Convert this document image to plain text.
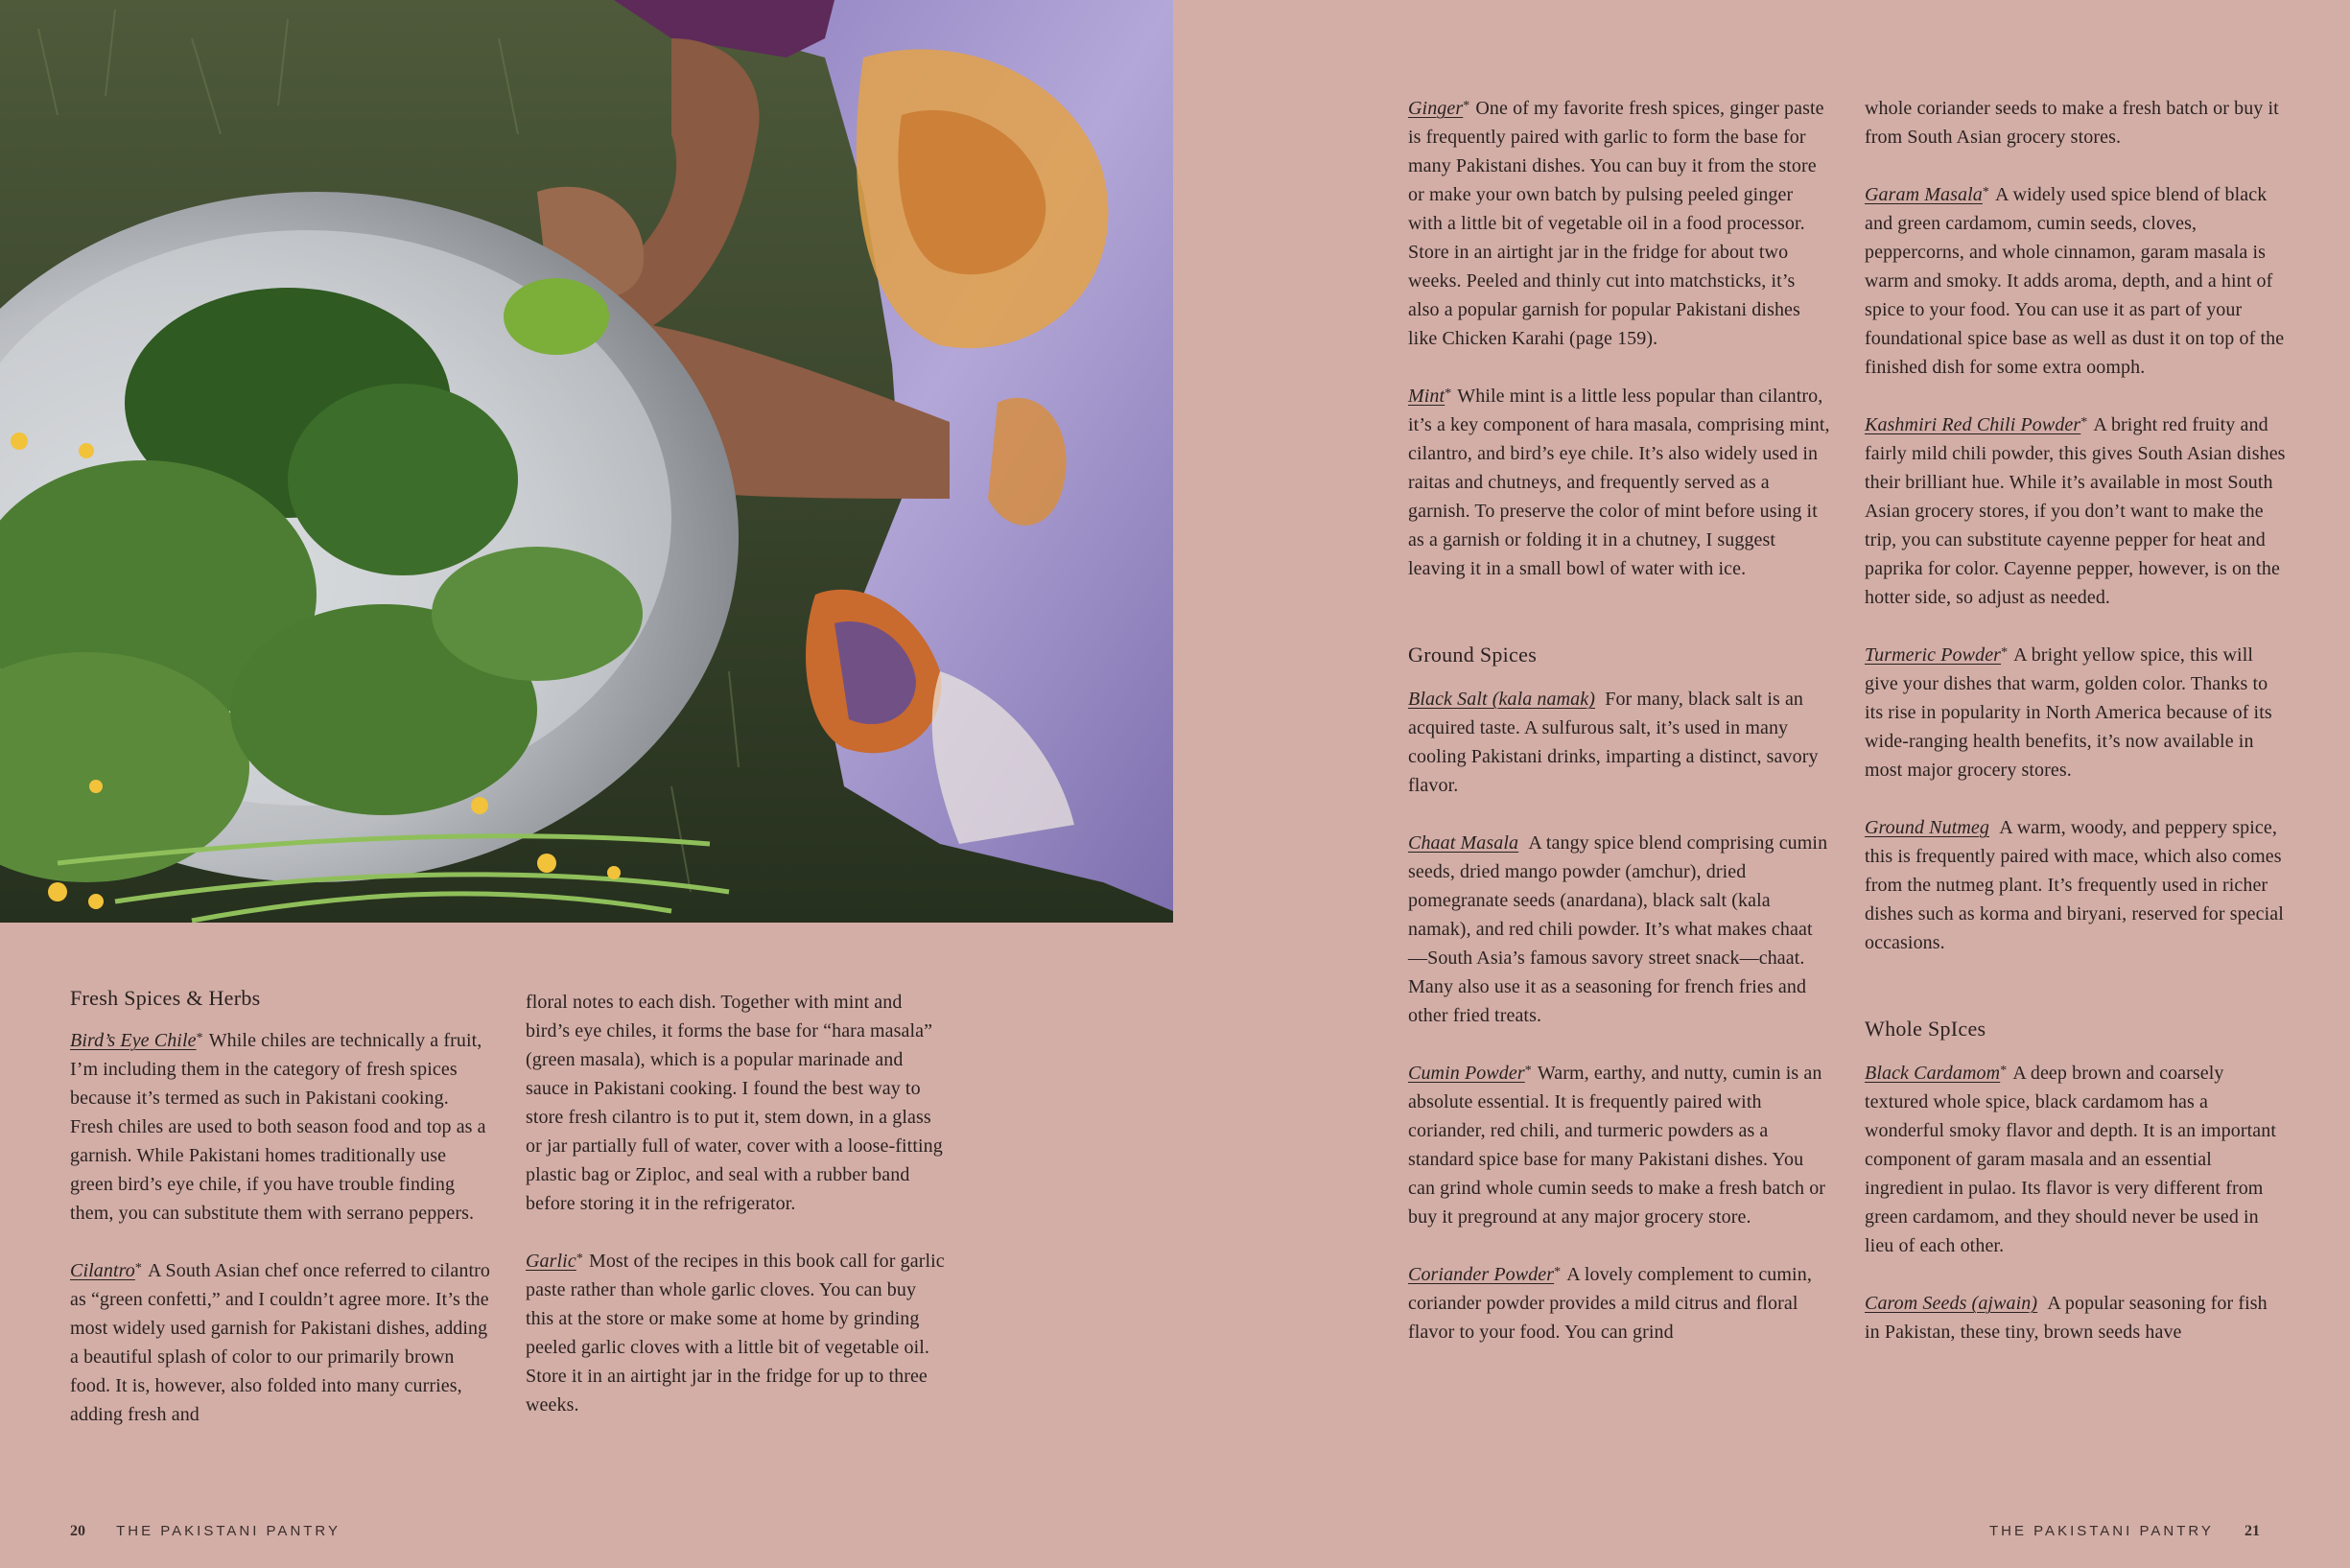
Fresh Spices & Herbs

Bird’s Eye Chile* While chiles are technically a fruit, I’m including them in the category of fresh spices because it’s termed as such in Pakistani cooking. Fresh chiles are used to both season food and top as a garnish. While Pakistani homes traditionally use green bird’s eye chile, if you have trouble finding them, you can substitute them with serrano peppers.

Cilantro* A South Asian chef once referred to cilantro as “green confetti,” and I couldn’t agree more. It’s the most widely used garnish for Pakistani dishes, adding a beautiful splash of color to our primarily brown food. It is, however, also folded into many curries, adding fresh and

floral notes to each dish. Together with mint and bird’s eye chiles, it forms the base for “hara masala” (green masala), which is a popular marinade and sauce in Pakistani cooking. I found the best way to store fresh cilantro is to put it, stem down, in a glass or jar partially full of water, cover with a loose-fitting plastic bag or Ziploc, and seal with a rubber band before storing it in the refrigerator.

Garlic* Most of the recipes in this book call for garlic paste rather than whole garlic cloves. You can buy this at the store or make some at home by grinding peeled garlic cloves with a little bit of vegetable oil. Store it in an airtight jar in the fridge for up to three weeks.

Ginger* One of my favorite fresh spices, ginger paste is frequently paired with garlic to form the base for many Pakistani dishes. You can buy it from the store or make your own batch by pulsing peeled ginger with a little bit of vegetable oil in a food processor. Store in an airtight jar in the fridge for about two weeks. Peeled and thinly cut into matchsticks, it’s also a popular garnish for popular Pakistani dishes like Chicken Karahi (page 159).

Mint* While mint is a little less popular than cilantro, it’s a key component of hara masala, comprising mint, cilantro, and bird’s eye chile. It’s also widely used in raitas and chutneys, and frequently served as a garnish. To preserve the color of mint before using it as a garnish or folding it in a chutney, I suggest leaving it in a small bowl of water with ice.

Ground Spices

Black Salt (kala namak) For many, black salt is an acquired taste. A sulfurous salt, it’s used in many cooling Pakistani drinks, imparting a distinct, savory flavor.

Chaat Masala A tangy spice blend comprising cumin seeds, dried mango powder (amchur), dried pomegranate seeds (anardana), black salt (kala namak), and red chili powder. It’s what makes chaat—South Asia’s famous savory street snack—chaat. Many also use it as a seasoning for french fries and other fried treats.

Cumin Powder* Warm, earthy, and nutty, cumin is an absolute essential. It is frequently paired with coriander, red chili, and turmeric powders as a standard spice base for many Pakistani dishes. You can grind whole cumin seeds to make a fresh batch or buy it preground at any major grocery store.

Coriander Powder* A lovely complement to cumin, coriander powder provides a mild citrus and floral flavor to your food. You can grind

whole coriander seeds to make a fresh batch or buy it from South Asian grocery stores.

Garam Masala* A widely used spice blend of black and green cardamom, cumin seeds, cloves, peppercorns, and whole cinnamon, garam masala is warm and smoky. It adds aroma, depth, and a hint of spice to your food. You can use it as part of your foundational spice base as well as dust it on top of the finished dish for some extra oomph.

Kashmiri Red Chili Powder* A bright red fruity and fairly mild chili powder, this gives South Asian dishes their brilliant hue. While it’s available in most South Asian grocery stores, if you don’t want to make the trip, you can substitute cayenne pepper for heat and paprika for color. Cayenne pepper, however, is on the hotter side, so adjust as needed.

Turmeric Powder* A bright yellow spice, this will give your dishes that warm, golden color. Thanks to its rise in popularity in North America because of its wide-ranging health benefits, it’s now available in most major grocery stores.

Ground Nutmeg A warm, woody, and peppery spice, this is frequently paired with mace, which also comes from the nutmeg plant. It’s frequently used in richer dishes such as korma and biryani, reserved for special occasions.

Whole SpIces

Black Cardamom* A deep brown and coarsely textured whole spice, black cardamom has a wonderful smoky flavor and depth. It is an important component of garam masala and an essential ingredient in pulao. Its flavor is very different from green cardamom, and they should never be used in lieu of each other.

Carom Seeds (ajwain) A popular seasoning for fish in Pakistan, these tiny, brown seeds have

20 THE PAKISTANI PANTRY	THE PAKISTANI PANTRY 21
